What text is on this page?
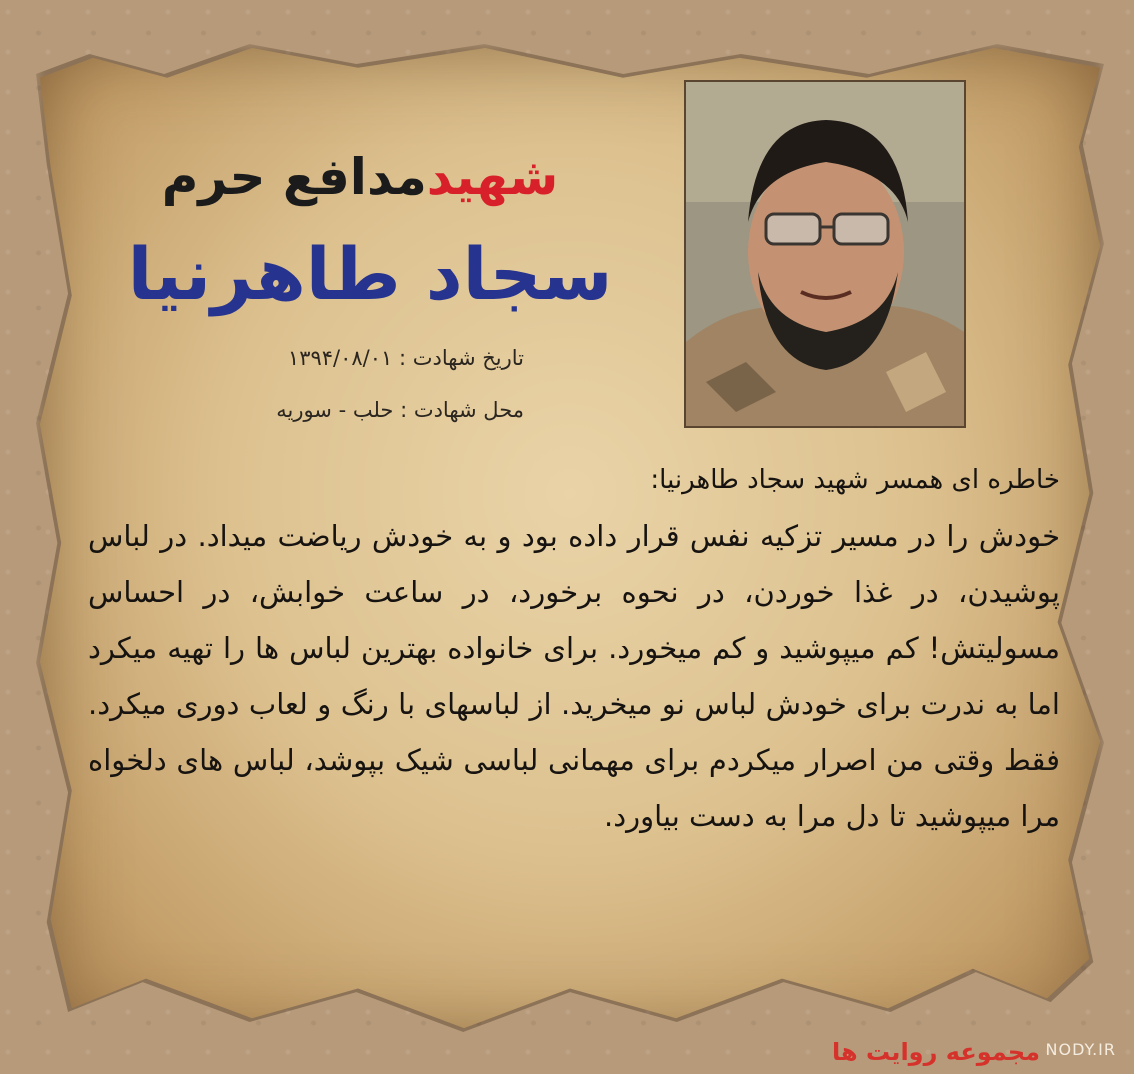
شهیدمدافع حرم
سجاد طاهرنیا

تاریخ شهادت : ۱۳۹۴/۰۸/۰۱

محل شهادت : حلب - سوریه

خاطره ای همسر شهید سجاد طاهرنیا:
خودش را در مسیر تزکیه نفس قرار داده بود و به خودش ریاضت میداد. در لباس پوشیدن، در غذا خوردن، در نحوه برخورد، در ساعت خوابش، در احساس مسولیتش! کم میپوشید و کم میخورد. برای خانواده بهترین لباس ها را تهیه میکرد اما به ندرت برای خودش لباس نو میخرید. از لباسهای با رنگ و لعاب دوری میکرد. فقط وقتی من اصرار میکردم برای مهمانی لباسی شیک بپوشد، لباس های دلخواه مرا میپوشید تا دل مرا به دست بیاورد.
مجموعه روایت ها NODY.IR
